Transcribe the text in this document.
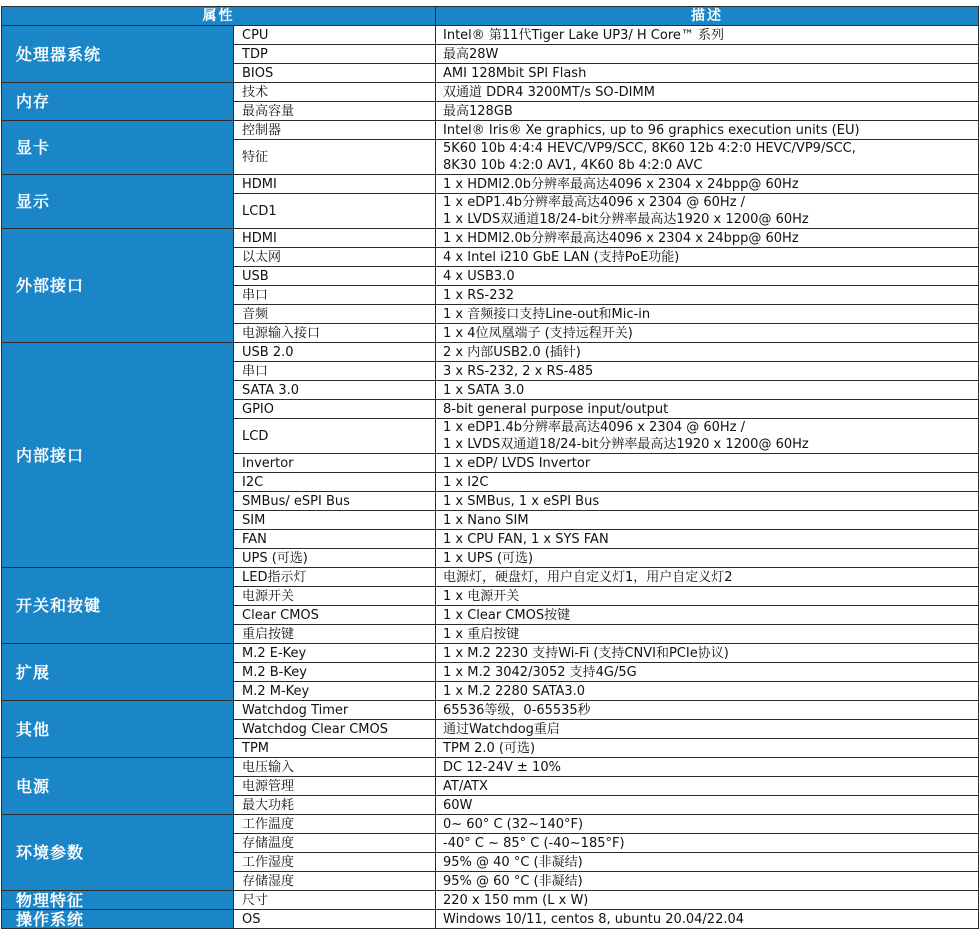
属性		描述
处理器系统	CPU	Intel® 第11代Tiger Lake UP3/ H Core™ 系列

	TDP	最高28W

	BIOS	AMI 128Mbit SPI Flash

内存	技术	双通道 DDR4 3200MT/s SO-DIMM

	最高容量	最高128GB

显卡	控制器	Intel® Iris® Xe graphics, up to 96 graphics execution units (EU)

	特征	5K60 10b 4:4:4 HEVC/VP9/SCC, 8K60 12b 4:2:0 HEVC/VP9/SCC,
8K30 10b 4:2:0 AV1, 4K60 8b 4:2:0 AVC

显示	HDMI	1 x HDMI2.0b分辨率最高达4096 x 2304 x 24bpp@ 60Hz

	LCD1	1 x eDP1.4b分辨率最高达4096 x 2304 @ 60Hz /
1 x LVDS双通道18/24-bit分辨率最高达1920 x 1200@ 60Hz

外部接口	HDMI	1 x HDMI2.0b分辨率最高达4096 x 2304 x 24bpp@ 60Hz

	以太网	4 x Intel i210 GbE LAN (支持PoE功能)

	USB	4 x USB3.0

	串口	1 x RS-232

	音频	1 x 音频接口支持Line-out和Mic-in

	电源输入接口	1 x 4位凤凰端子 (支持远程开关)

内部接口	USB 2.0	2 x 内部USB2.0 (插针)

	串口	3 x RS-232, 2 x RS-485

	SATA 3.0	1 x SATA 3.0

	GPIO	8-bit general purpose input/output

	LCD	1 x eDP1.4b分辨率最高达4096 x 2304 @ 60Hz /
1 x LVDS双通道18/24-bit分辨率最高达1920 x 1200@ 60Hz

	Invertor	1 x eDP/ LVDS Invertor

	I2C	1 x I2C

	SMBus/ eSPI Bus	1 x SMBus, 1 x eSPI Bus

	SIM	1 x Nano SIM

	FAN	1 x CPU FAN, 1 x SYS FAN

	UPS (可选)	1 x UPS (可选)

开关和按键	LED指示灯	电源灯，硬盘灯，用户自定义灯1，用户自定义灯2

	电源开关	1 x 电源开关

	Clear CMOS	1 x Clear CMOS按键

	重启按键	1 x 重启按键

扩展	M.2 E-Key	1 x M.2 2230 支持Wi-Fi (支持CNVI和PCIe协议)

	M.2 B-Key	1 x M.2 3042/3052 支持4G/5G

	M.2 M-Key	1 x M.2 2280 SATA3.0

其他	Watchdog Timer	65536等级，0-65535秒

	Watchdog Clear CMOS	通过Watchdog重启

	TPM	TPM 2.0 (可选)

电源	电压输入	DC 12-24V ± 10%

	电源管理	AT/ATX

	最大功耗	60W

环境参数	工作温度	0~ 60° C (32~140°F)

	存储温度	-40° C ~ 85° C (-40~185°F)

	工作湿度	95% @ 40 °C (非凝结)

	存储湿度	95% @ 60 °C (非凝结)

物理特征	尺寸	220 x 150 mm (L x W)

操作系统	OS	Windows 10/11, centos 8, ubuntu 20.04/22.04
